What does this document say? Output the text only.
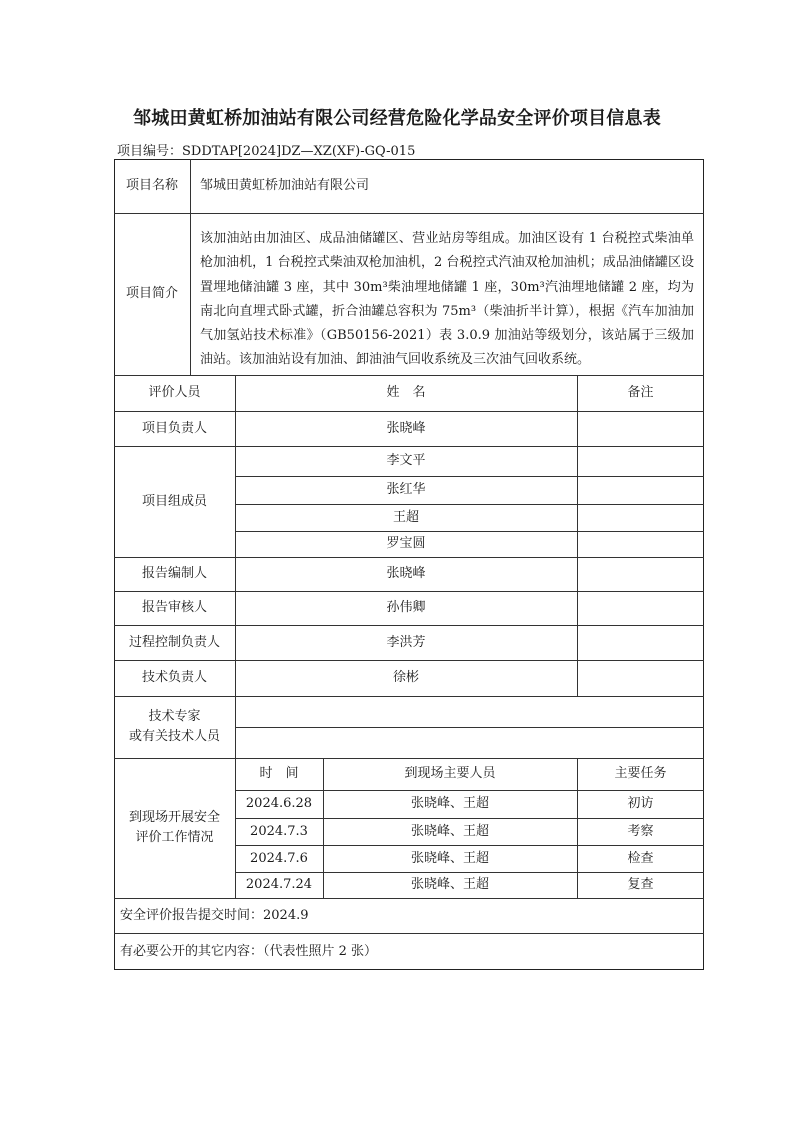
邹城田黄虹桥加油站有限公司经营危险化学品安全评价项目信息表
项目编号：SDDTAP[2024]DZ—XZ(XF)-GQ-015
项目名称	邹城田黄虹桥加油站有限公司
项目简介
该加油站由加油区、成品油储罐区、营业站房等组成。加油区设有 1 台税控式柴油单枪加油机，1 台税控式柴油双枪加油机，2 台税控式汽油双枪加油机；成品油储罐区设置埋地储油罐 3 座，其中 30m³柴油埋地储罐 1 座，30m³汽油埋地储罐 2 座，均为南北向直埋式卧式罐，折合油罐总容积为 75m³（柴油折半计算），根据《汽车加油加气加氢站技术标准》（GB50156-2021）表 3.0.9 加油站等级划分，该站属于三级加油站。该加油站设有加油、卸油油气回收系统及三次油气回收系统。
评价人员	姓　名	备注
项目负责人	张晓峰
项目组成员
李文平
张红华
王超
罗宝圆
报告编制人	张晓峰
报告审核人	孙伟卿
过程控制负责人	李洪芳
技术负责人	徐彬
技术专家
或有关技术人员
到现场开展安全
评价工作情况
时　间	到现场主要人员	主要任务
2024.6.28	张晓峰、王超	初访
2024.7.3	张晓峰、王超	考察
2024.7.6	张晓峰、王超	检查
2024.7.24	张晓峰、王超	复查
安全评价报告提交时间：2024.9
有必要公开的其它内容：（代表性照片 2 张）
